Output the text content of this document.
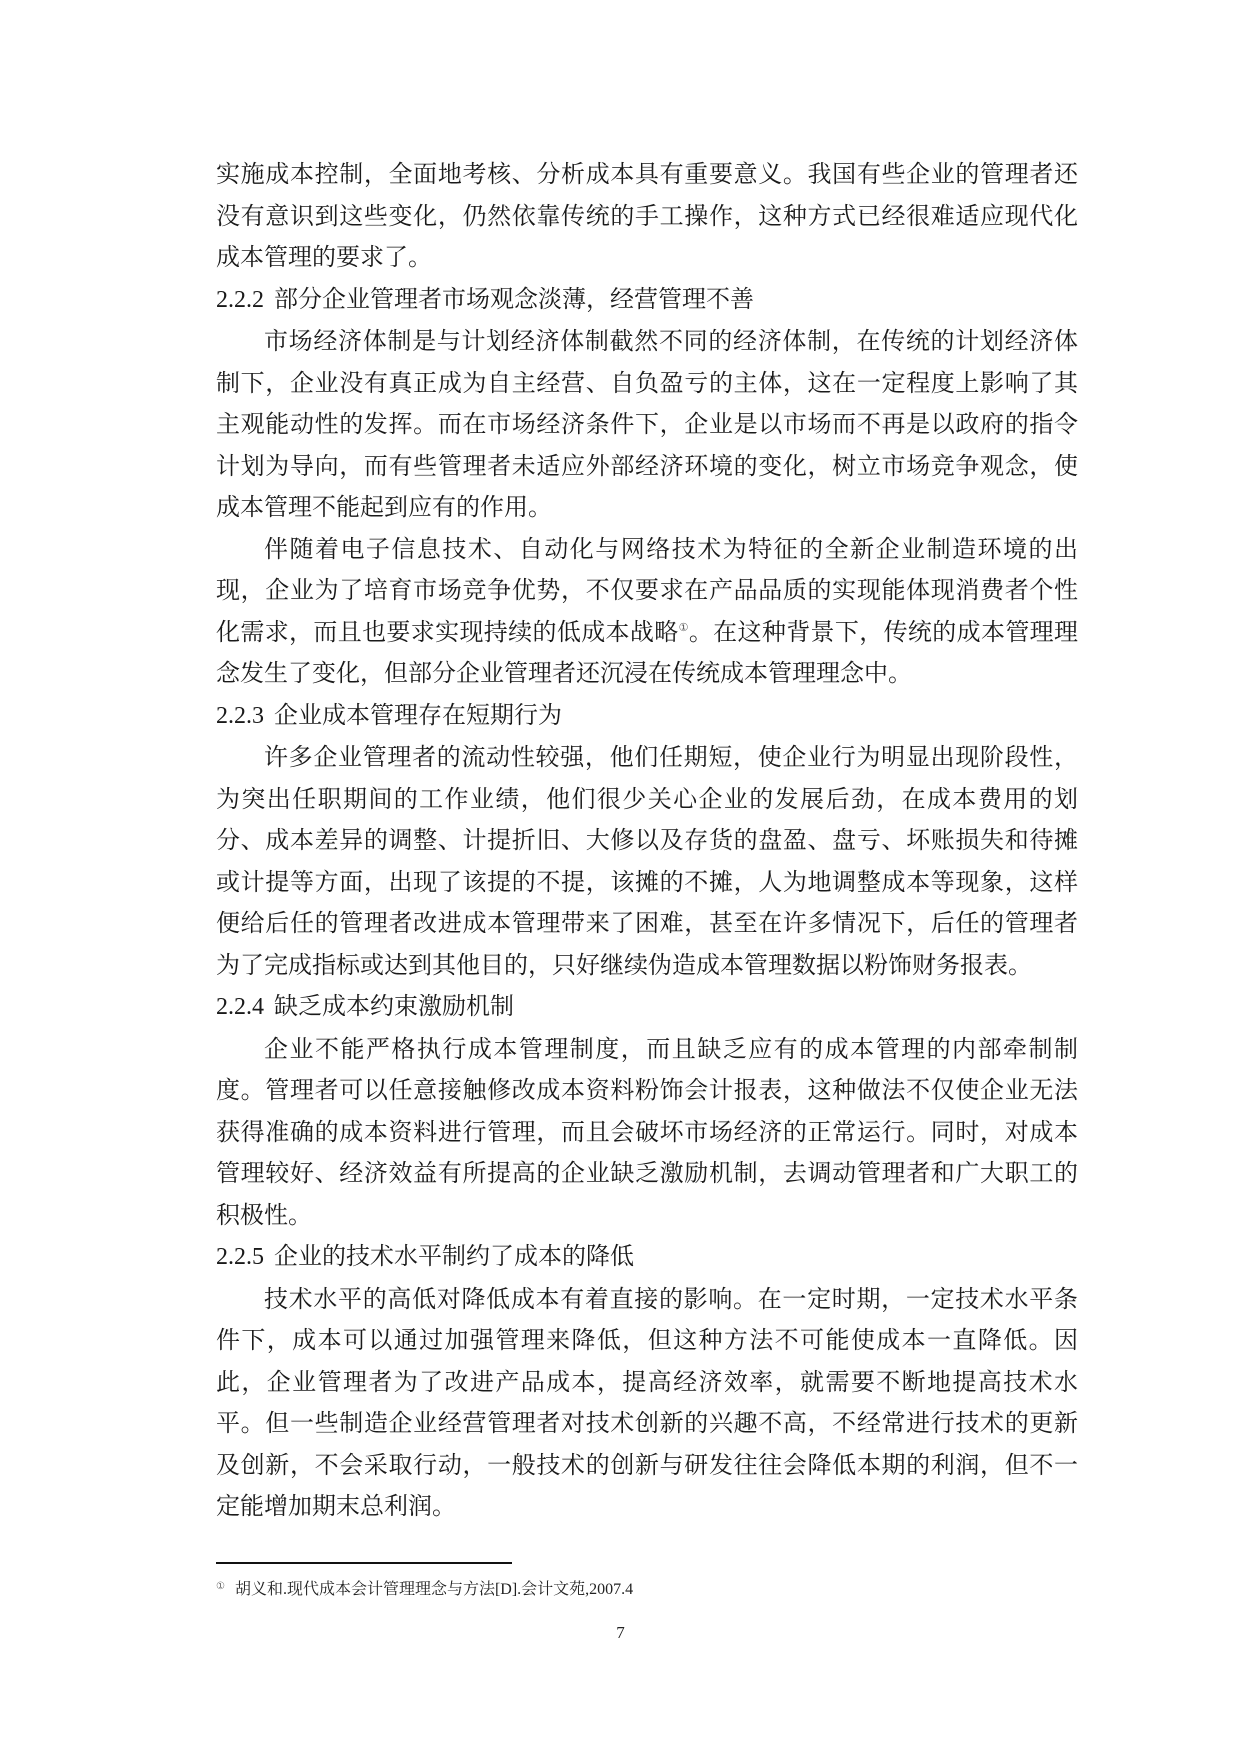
实施成本控制，全面地考核、分析成本具有重要意义。我国有些企业的管理者还没有意识到这些变化，仍然依靠传统的手工操作，这种方式已经很难适应现代化成本管理的要求了。

2.2.2 部分企业管理者市场观念淡薄，经营管理不善

市场经济体制是与计划经济体制截然不同的经济体制，在传统的计划经济体制下，企业没有真正成为自主经营、自负盈亏的主体，这在一定程度上影响了其主观能动性的发挥。而在市场经济条件下，企业是以市场而不再是以政府的指令计划为导向，而有些管理者未适应外部经济环境的变化，树立市场竞争观念，使成本管理不能起到应有的作用。

伴随着电子信息技术、自动化与网络技术为特征的全新企业制造环境的出现，企业为了培育市场竞争优势，不仅要求在产品品质的实现能体现消费者个性化需求，而且也要求实现持续的低成本战略①。在这种背景下，传统的成本管理理念发生了变化，但部分企业管理者还沉浸在传统成本管理理念中。

2.2.3 企业成本管理存在短期行为

许多企业管理者的流动性较强，他们任期短，使企业行为明显出现阶段性，为突出任职期间的工作业绩，他们很少关心企业的发展后劲，在成本费用的划分、成本差异的调整、计提折旧、大修以及存货的盘盈、盘亏、坏账损失和待摊或计提等方面，出现了该提的不提，该摊的不摊，人为地调整成本等现象，这样便给后任的管理者改进成本管理带来了困难，甚至在许多情况下，后任的管理者为了完成指标或达到其他目的，只好继续伪造成本管理数据以粉饰财务报表。

2.2.4 缺乏成本约束激励机制

企业不能严格执行成本管理制度，而且缺乏应有的成本管理的内部牵制制度。管理者可以任意接触修改成本资料粉饰会计报表，这种做法不仅使企业无法获得准确的成本资料进行管理，而且会破坏市场经济的正常运行。同时，对成本管理较好、经济效益有所提高的企业缺乏激励机制，去调动管理者和广大职工的积极性。

2.2.5 企业的技术水平制约了成本的降低

技术水平的高低对降低成本有着直接的影响。在一定时期，一定技术水平条件下，成本可以通过加强管理来降低，但这种方法不可能使成本一直降低。因此，企业管理者为了改进产品成本，提高经济效率，就需要不断地提高技术水平。但一些制造企业经营管理者对技术创新的兴趣不高，不经常进行技术的更新及创新，不会采取行动，一般技术的创新与研发往往会降低本期的利润，但不一定能增加期末总利润。

① 胡义和.现代成本会计管理理念与方法[D].会计文苑,2007.4
7
